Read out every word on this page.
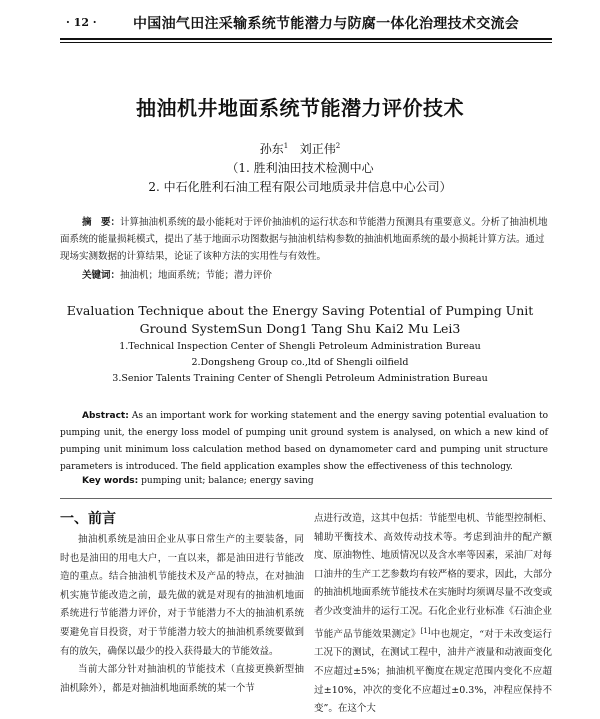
· 12 ·	中国油气田注采输系统节能潜力与防腐一体化治理技术交流会
抽油机井地面系统节能潜力评价技术
孙东$^1$ 刘正伟$^2$
（1. 胜利油田技术检测中心
2. 中石化胜利石油工程有限公司地质录井信息中心公司）
摘　要：计算抽油机系统的最小能耗对于评价抽油机的运行状态和节能潜力预测具有重要意义。分析了抽油机地面系统的能量损耗模式，提出了基于地面示功图数据与抽油机结构参数的抽油机地面系统的最小损耗计算方法。通过现场实测数据的计算结果，论证了该种方法的实用性与有效性。
关键词：抽油机；地面系统；节能；潜力评价
Evaluation Technique about the Energy Saving Potential of Pumping Unit
Ground SystemSun Dong1 Tang Shu Kai2 Mu Lei3
1.Technical Inspection Center of Shengli Petroleum Administration Bureau
2.Dongsheng Group co.,ltd of Shengli oilfield
3.Senior Talents Training Center of Shengli Petroleum Administration Bureau
Abstract: As an important work for working statement and the energy saving potential evaluation to pumping unit, the energy loss model of pumping unit ground system is analysed, on which a new kind of pumping unit minimum loss calculation method based on dynamometer card and pumping unit structure parameters is introduced. The field application examples show the effectiveness of this technology.
Key words: pumping unit; balance; energy saving
一、前言

抽油机系统是油田企业从事日常生产的主要装备，同时也是油田的用电大户，一直以来，都是油田进行节能改造的重点。结合抽油机节能技术及产品的特点，在对抽油机实施节能改造之前，最先做的就是对现有的抽油机地面系统进行节能潜力评价，对于节能潜力不大的抽油机系统要避免盲目投资，对于节能潜力较大的抽油机系统要做到有的放矢，确保以最少的投入获得最大的节能效益。

当前大部分针对抽油机的节能技术（直接更换新型抽油机除外），都是对抽油机地面系统的某一个节

点进行改造，这其中包括：节能型电机、节能型控制柜、辅助平衡技术、高效传动技术等。考虑到油井的配产额度、原油物性、地质情况以及含水率等因素，采油厂对每口油井的生产工艺参数均有较严格的要求，因此，大部分的抽油机地面系统节能技术在实施时均须调尽量不改变或者少改变油井的运行工况。石化企业行业标准《石油企业节能产品节能效果测定》[1]中也规定，“对于未改变运行工况下的测试，在测试工程中，油井产液量和动液面变化不应超过±5%；抽油机平衡度在规定范围内变化不应超过±10%，冲次的变化不应超过±0.3%，冲程应保持不变”。在这个大
